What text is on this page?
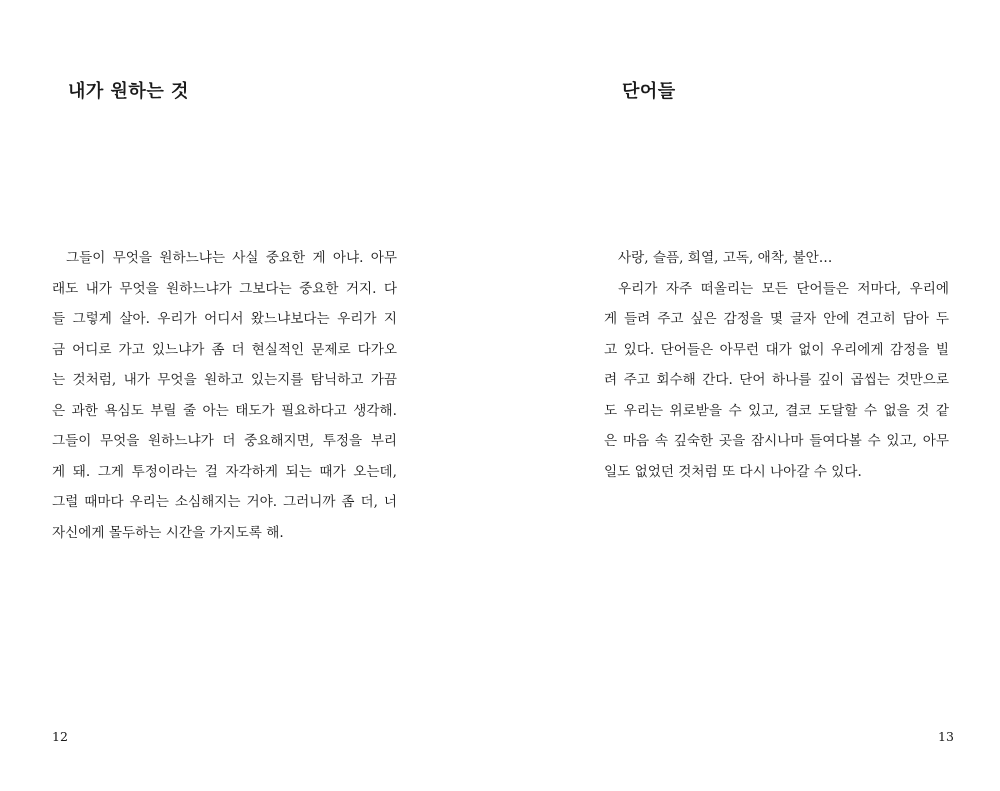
내가 원하는 것
그들이 무엇을 원하느냐는 사실 중요한 게 아냐. 아무
래도 내가 무엇을 원하느냐가 그보다는 중요한 거지. 다
들 그렇게 살아. 우리가 어디서 왔느냐보다는 우리가 지
금 어디로 가고 있느냐가 좀 더 현실적인 문제로 다가오
는 것처럼, 내가 무엇을 원하고 있는지를 탐닉하고 가끔
은 과한 욕심도 부릴 줄 아는 태도가 필요하다고 생각해.
그들이 무엇을 원하느냐가 더 중요해지면, 투정을 부리
게 돼. 그게 투정이라는 걸 자각하게 되는 때가 오는데,
그럴 때마다 우리는 소심해지는 거야. 그러니까 좀 더, 너
자신에게 몰두하는 시간을 가지도록 해.
12
단어들
사랑, 슬픔, 희열, 고독, 애착, 불안…
우리가 자주 떠올리는 모든 단어들은 저마다, 우리에
게 들려 주고 싶은 감정을 몇 글자 안에 견고히 담아 두
고 있다. 단어들은 아무런 대가 없이 우리에게 감정을 빌
려 주고 회수해 간다. 단어 하나를 깊이 곱씹는 것만으로
도 우리는 위로받을 수 있고, 결코 도달할 수 없을 것 같
은 마음 속 깊숙한 곳을 잠시나마 들여다볼 수 있고, 아무
일도 없었던 것처럼 또 다시 나아갈 수 있다.
13
